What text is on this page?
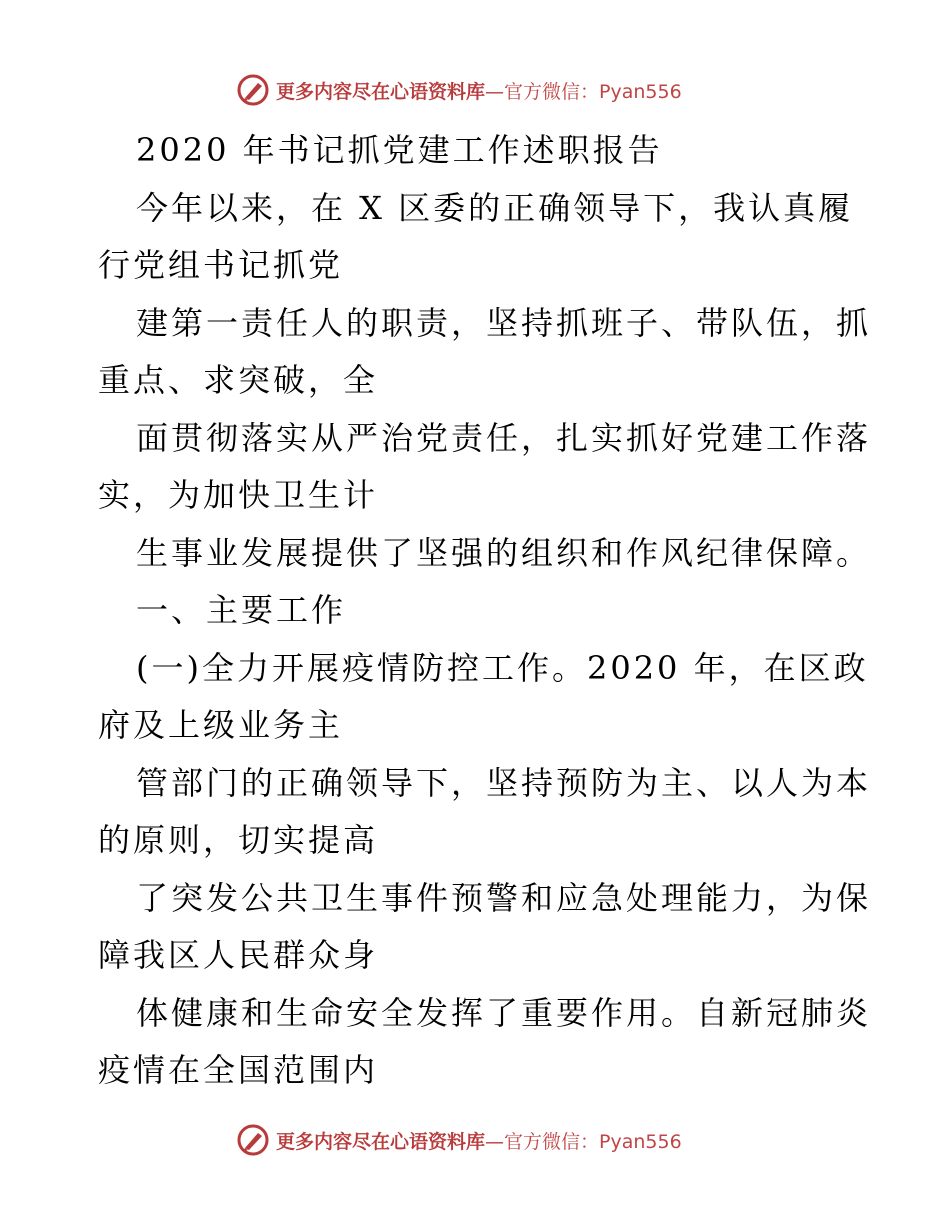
更多内容尽在心语资料库—官方微信：Pyan556
2020 年书记抓党建工作述职报告
今年以来，在 X 区委的正确领导下，我认真履
行党组书记抓党
建第一责任人的职责，坚持抓班子、带队伍，抓
重点、求突破，全
面贯彻落实从严治党责任，扎实抓好党建工作落
实，为加快卫生计
生事业发展提供了坚强的组织和作风纪律保障。
一、主要工作
(一)全力开展疫情防控工作。2020 年，在区政
府及上级业务主
管部门的正确领导下，坚持预防为主、以人为本
的原则，切实提高
了突发公共卫生事件预警和应急处理能力，为保
障我区人民群众身
体健康和生命安全发挥了重要作用。自新冠肺炎
疫情在全国范围内
更多内容尽在心语资料库—官方微信：Pyan556
